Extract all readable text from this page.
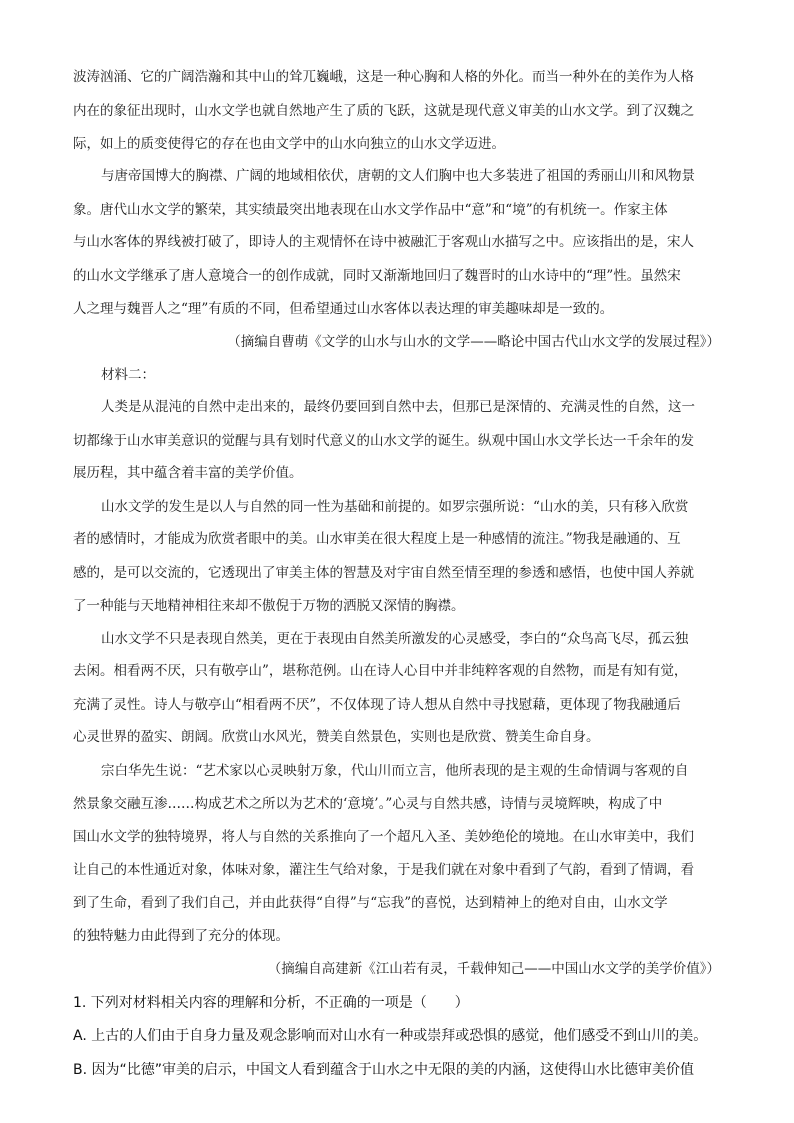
波涛汹涌、它的广阔浩瀚和其中山的耸兀巍峨，这是一种心胸和人格的外化。而当一种外在的美作为人格
内在的象征出现时，山水文学也就自然地产生了质的飞跃，这就是现代意义审美的山水文学。到了汉魏之
际，如上的质变使得它的存在也由文学中的山水向独立的山水文学迈进。
与唐帝国博大的胸襟、广阔的地域相依伏，唐朝的文人们胸中也大多装进了祖国的秀丽山川和风物景
象。唐代山水文学的繁荣，其实绩最突出地表现在山水文学作品中“意”和“境”的有机统一。作家主体
与山水客体的界线被打破了，即诗人的主观情怀在诗中被融汇于客观山水描写之中。应该指出的是，宋人
的山水文学继承了唐人意境合一的创作成就，同时又渐渐地回归了魏晋时的山水诗中的“理”性。虽然宋
人之理与魏晋人之“理”有质的不同，但希望通过山水客体以表达理的审美趣味却是一致的。
（摘编自曹萌《文学的山水与山水的文学——略论中国古代山水文学的发展过程》）
材料二：
人类是从混沌的自然中走出来的，最终仍要回到自然中去，但那已是深情的、充满灵性的自然，这一
切都缘于山水审美意识的觉醒与具有划时代意义的山水文学的诞生。纵观中国山水文学长达一千余年的发
展历程，其中蕴含着丰富的美学价值。
山水文学的发生是以人与自然的同一性为基础和前提的。如罗宗强所说：“山水的美，只有移入欣赏
者的感情时，才能成为欣赏者眼中的美。山水审美在很大程度上是一种感情的流注。”物我是融通的、互
感的，是可以交流的，它透现出了审美主体的智慧及对宇宙自然至情至理的参透和感悟，也使中国人养就
了一种能与天地精神相往来却不傲倪于万物的洒脱又深情的胸襟。
山水文学不只是表现自然美，更在于表现由自然美所激发的心灵感受，李白的“众鸟高飞尽，孤云独
去闲。相看两不厌，只有敬亭山”，堪称范例。山在诗人心目中并非纯粹客观的自然物，而是有知有觉，
充满了灵性。诗人与敬亭山“相看两不厌”，不仅体现了诗人想从自然中寻找慰藉，更体现了物我融通后
心灵世界的盈实、朗阔。欣赏山水风光，赞美自然景色，实则也是欣赏、赞美生命自身。
宗白华先生说：“艺术家以心灵映射万象，代山川而立言，他所表现的是主观的生命情调与客观的自
然景象交融互渗……构成艺术之所以为艺术的‘意境’。”心灵与自然共感，诗情与灵境辉映，构成了中
国山水文学的独特境界，将人与自然的关系推向了一个超凡入圣、美妙绝伦的境地。在山水审美中，我们
让自己的本性通近对象，体味对象，灌注生气给对象，于是我们就在对象中看到了气韵，看到了情调，看
到了生命，看到了我们自己，并由此获得“自得”与“忘我”的喜悦，达到精神上的绝对自由，山水文学
的独特魅力由此得到了充分的体现。
（摘编自高建新《江山若有灵，千载伸知己——中国山水文学的美学价值》）
1. 下列对材料相关内容的理解和分析，不正确的一项是（　　）
A. 上古的人们由于自身力量及观念影响而对山水有一种或崇拜或恐惧的感觉，他们感受不到山川的美。
B. 因为“比德”审美的启示，中国文人看到蕴含于山水之中无限的美的内涵，这使得山水比德审美价值
